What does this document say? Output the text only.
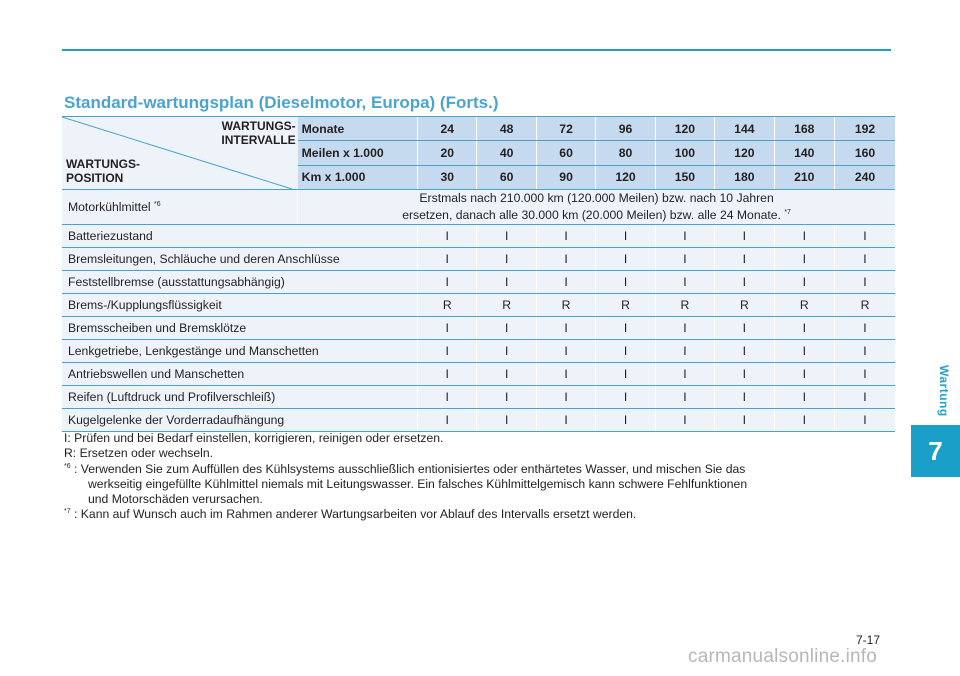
Wartung
7
Standard-wartungsplan (Dieselmotor, Europa) (Forts.)
WARTUNGS-
INTERVALLE
WARTUNGS-
POSITION	Monate	24	48	72	96	120	144	168	192
	Meilen x 1.000	20	40	60	80	100	120	140	160
	Km x 1.000	30	60	90	120	150	180	210	240
Motorkühlmittel $^{*6}$	Erstmals nach 210.000 km (120.000 Meilen) bzw. nach 10 Jahren
ersetzen, danach alle 30.000 km (20.000 Meilen) bzw. alle 24 Monate. $^{*7}$

Batteriezustand		I	I	I	I	I	I	I	I
Bremsleitungen, Schläuche und deren Anschlüsse		I	I	I	I	I	I	I	I
Feststellbremse (ausstattungsabhängig)		I	I	I	I	I	I	I	I
Brems-/Kupplungsflüssigkeit		R	R	R	R	R	R	R	R
Bremsscheiben und Bremsklötze		I	I	I	I	I	I	I	I
Lenkgetriebe, Lenkgestänge und Manschetten		I	I	I	I	I	I	I	I
Antriebswellen und Manschetten		I	I	I	I	I	I	I	I
Reifen (Luftdruck und Profilverschleiß)		I	I	I	I	I	I	I	I
Kugelgelenke der Vorderradaufhängung		I	I	I	I	I	I	I	I
I: Prüfen und bei Bedarf einstellen, korrigieren, reinigen oder ersetzen.
R: Ersetzen oder wechseln.
$^{*6}$ : Verwenden Sie zum Auffüllen des Kühlsystems ausschließlich entionisiertes oder enthärtetes Wasser, und mischen Sie das
werkseitig eingefüllte Kühlmittel niemals mit Leitungswasser. Ein falsches Kühlmittelgemisch kann schwere Fehlfunktionen
und Motorschäden verursachen.
$^{*7}$ : Kann auf Wunsch auch im Rahmen anderer Wartungsarbeiten vor Ablauf des Intervalls ersetzt werden.
7-17
carmanualsonline.info
